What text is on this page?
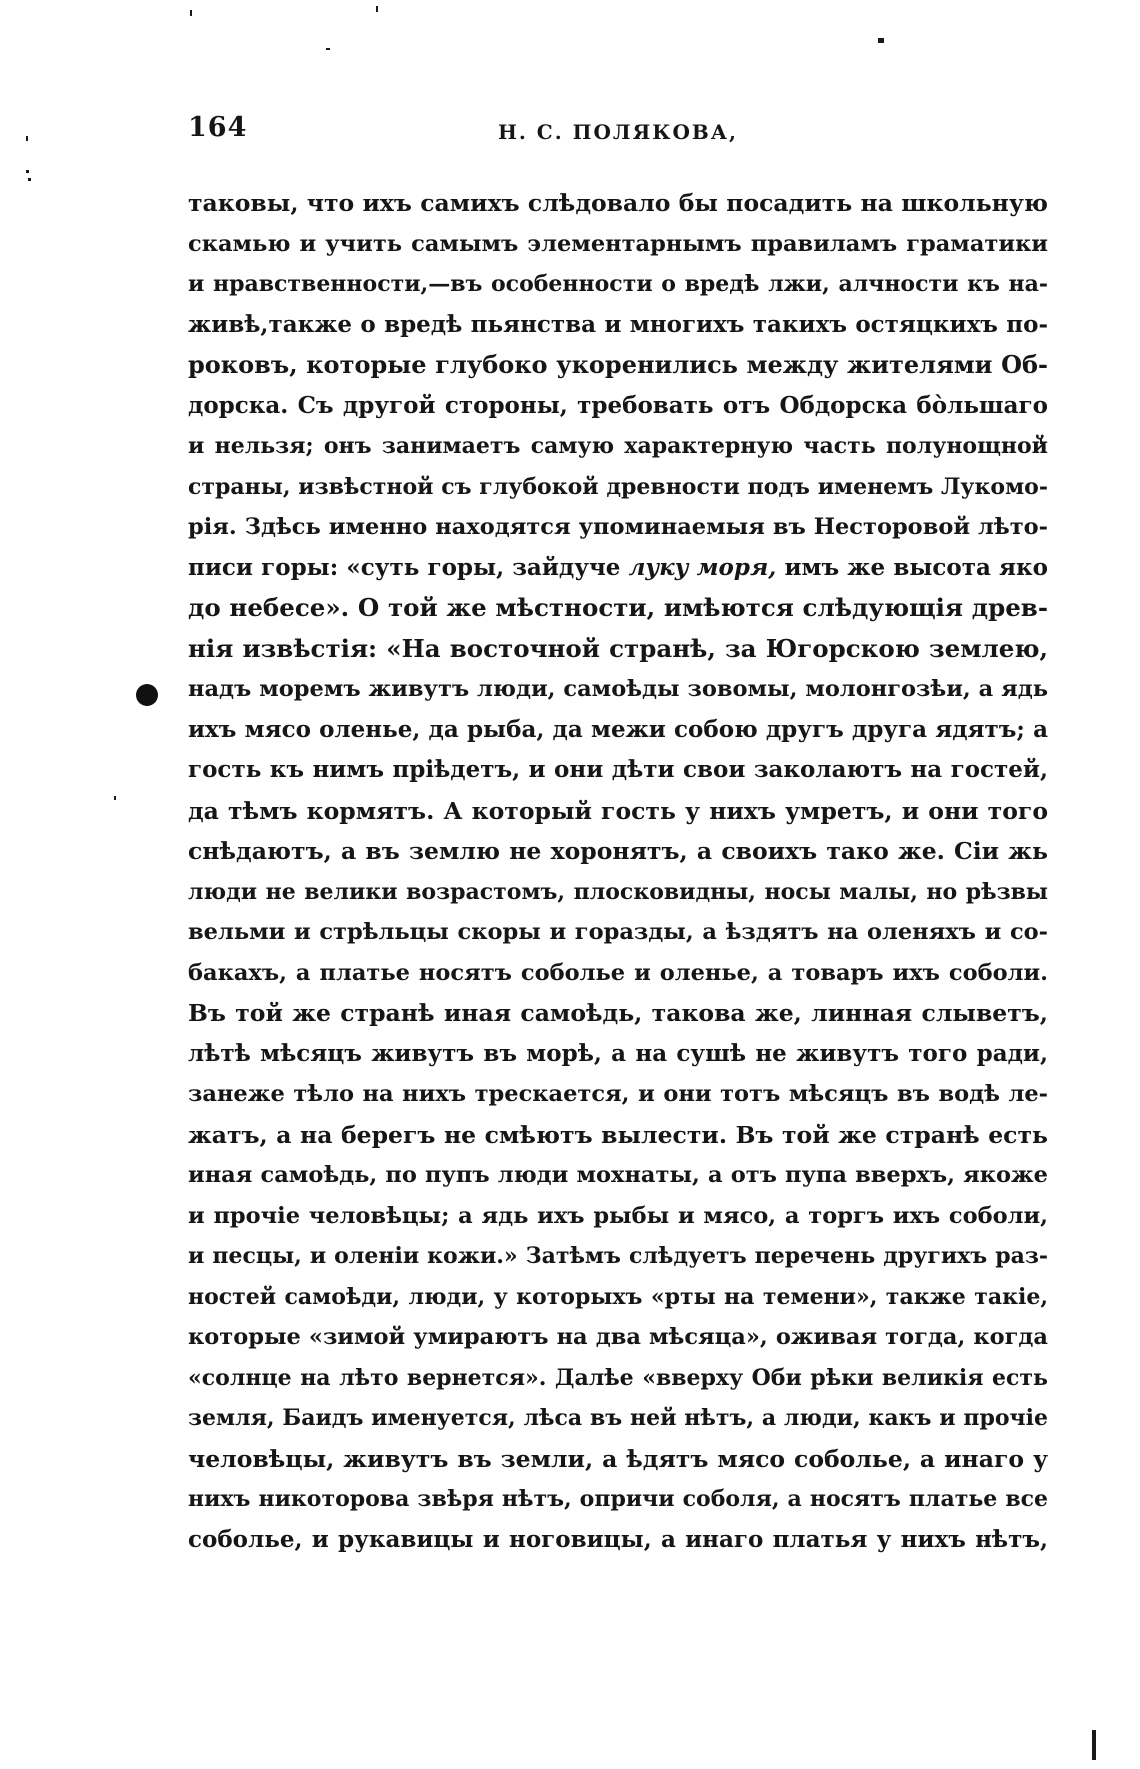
164	Н. С. ПОЛЯКОВА,
таковы, что ихъ самихъ слѣдовало бы посадить на школьную
скамью и учить самымъ элементарнымъ правиламъ граматики
и нравственности,—въ особенности о вредѣ лжи, алчности къ на-
живѣ,также о вредѣ пьянства и многихъ такихъ остяцкихъ по-
роковъ, которые глубоко укоренились между жителями Об-
дорска. Съ другой стороны, требовать отъ Обдорска бо̀льшаго
и нельзя; онъ занимаетъ самую характерную часть полунощной
страны, извѣстной съ глубокой древности подъ именемъ Лукомо-
рія. Здѣсь именно находятся упоминаемыя въ Несторовой лѣто-
писи горы: «суть горы, зайдуче луку моря, имъ же высота яко
до небесе». О той же мѣстности, имѣются слѣдующія древ-
нія извѣстія: «На восточной странѣ, за Югорскою землею,
надъ моремъ живутъ люди, самоѣды зовомы, молонгозѣи, а ядь
ихъ мясо оленье, да рыба, да межи собою другъ друга ядятъ; а
гость къ нимъ пріѣдетъ, и они дѣти свои заколаютъ на гостей,
да тѣмъ кормятъ. А который гость у нихъ умретъ, и они того
снѣдаютъ, а въ землю не хоронятъ, а своихъ тако же. Сіи жь
люди не велики возрастомъ, плосковидны, носы малы, но рѣзвы
вельми и стрѣльцы скоры и горазды, а ѣздятъ на оленяхъ и со-
бакахъ, а платье носятъ соболье и оленье, а товаръ ихъ соболи.
Въ той же странѣ иная самоѣдь, такова же, линная слыветъ,
лѣтѣ мѣсяцъ живутъ въ морѣ, а на сушѣ не живутъ того ради,
занеже тѣло на нихъ трескается, и они тотъ мѣсяцъ въ водѣ ле-
жатъ, а на берегъ не смѣютъ вылести. Въ той же странѣ есть
иная самоѣдь, по пупъ люди мохнаты, а отъ пупа вверхъ, якоже
и прочіе человѣцы; а ядь ихъ рыбы и мясо, а торгъ ихъ соболи,
и песцы, и оленіи кожи.» Затѣмъ слѣдуетъ перечень другихъ раз-
ностей самоѣди, люди, у которыхъ «рты на темени», также такіе,
которые «зимой умираютъ на два мѣсяца», оживая тогда, когда
«солнце на лѣто вернется». Далѣе «вверху Оби рѣки великія есть
земля, Баидъ именуется, лѣса въ ней нѣтъ, а люди, какъ и прочіе
человѣцы, живутъ въ земли, а ѣдятъ мясо соболье, а инаго у
нихъ никоторова звѣря нѣтъ, опричи соболя, а носятъ платье все
соболье, и рукавицы и ноговицы, а инаго платья у нихъ нѣтъ,
